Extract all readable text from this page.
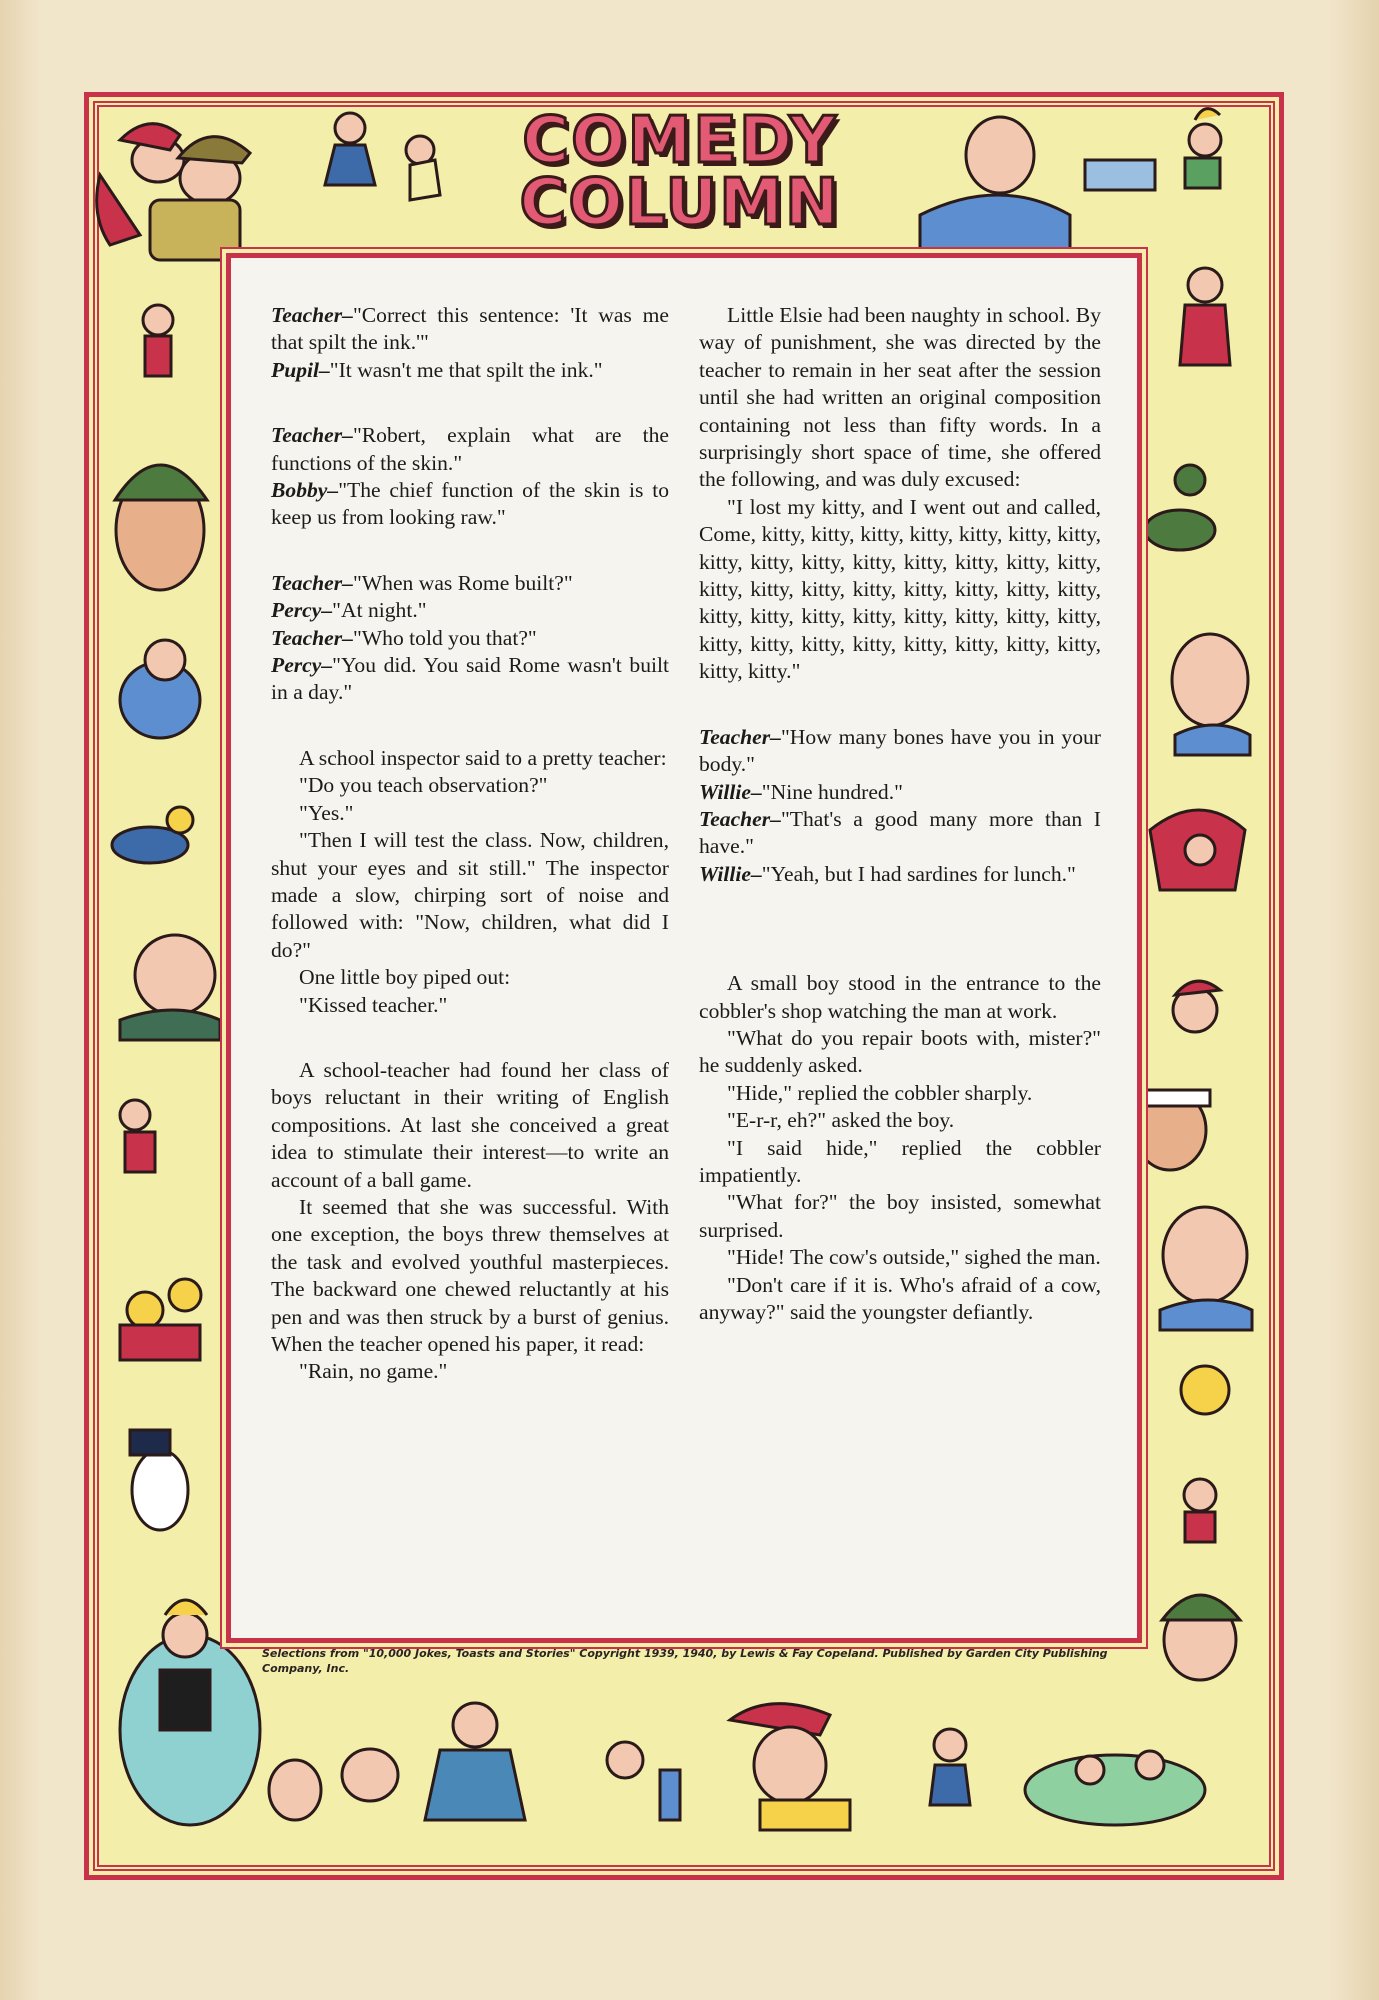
COMEDY
COLUMN

Teacher–"Correct this sentence: 'It was me that spilt the ink.'"

Pupil–"It wasn't me that spilt the ink."

Teacher–"Robert, explain what are the functions of the skin."

Bobby–"The chief function of the skin is to keep us from looking raw."

Teacher–"When was Rome built?"

Percy–"At night."

Teacher–"Who told you that?"

Percy–"You did. You said Rome wasn't built in a day."

A school inspector said to a pretty teacher:

"Do you teach observation?"

"Yes."

"Then I will test the class. Now, children, shut your eyes and sit still." The inspector made a slow, chirping sort of noise and followed with: "Now, children, what did I do?"

One little boy piped out:

"Kissed teacher."

A school-teacher had found her class of boys reluctant in their writing of English compositions. At last she conceived a great idea to stimulate their interest—to write an account of a ball game.

It seemed that she was successful. With one exception, the boys threw themselves at the task and evolved youthful masterpieces. The backward one chewed reluctantly at his pen and was then struck by a burst of genius. When the teacher opened his paper, it read:

"Rain, no game."

Little Elsie had been naughty in school. By way of punishment, she was directed by the teacher to remain in her seat after the session until she had written an original composition containing not less than fifty words. In a surprisingly short space of time, she offered the following, and was duly excused:

"I lost my kitty, and I went out and called, Come, kitty, kitty, kitty, kitty, kitty, kitty, kitty, kitty, kitty, kitty, kitty, kitty, kitty, kitty, kitty, kitty, kitty, kitty, kitty, kitty, kitty, kitty, kitty, kitty, kitty, kitty, kitty, kitty, kitty, kitty, kitty, kitty, kitty, kitty, kitty, kitty, kitty, kitty, kitty, kitty, kitty."

Teacher–"How many bones have you in your body."

Willie–"Nine hundred."

Teacher–"That's a good many more than I have."

Willie–"Yeah, but I had sardines for lunch."

A small boy stood in the entrance to the cobbler's shop watching the man at work.

"What do you repair boots with, mister?" he suddenly asked.

"Hide," replied the cobbler sharply.

"E-r-r, eh?" asked the boy.

"I said hide," replied the cobbler impatiently.

"What for?" the boy insisted, somewhat surprised.

"Hide! The cow's outside," sighed the man.

"Don't care if it is. Who's afraid of a cow, anyway?" said the youngster defiantly.

Selections from "10,000 Jokes, Toasts and Stories" Copyright 1939, 1940, by Lewis & Fay Copeland. Published by Garden City Publishing Company, Inc.
